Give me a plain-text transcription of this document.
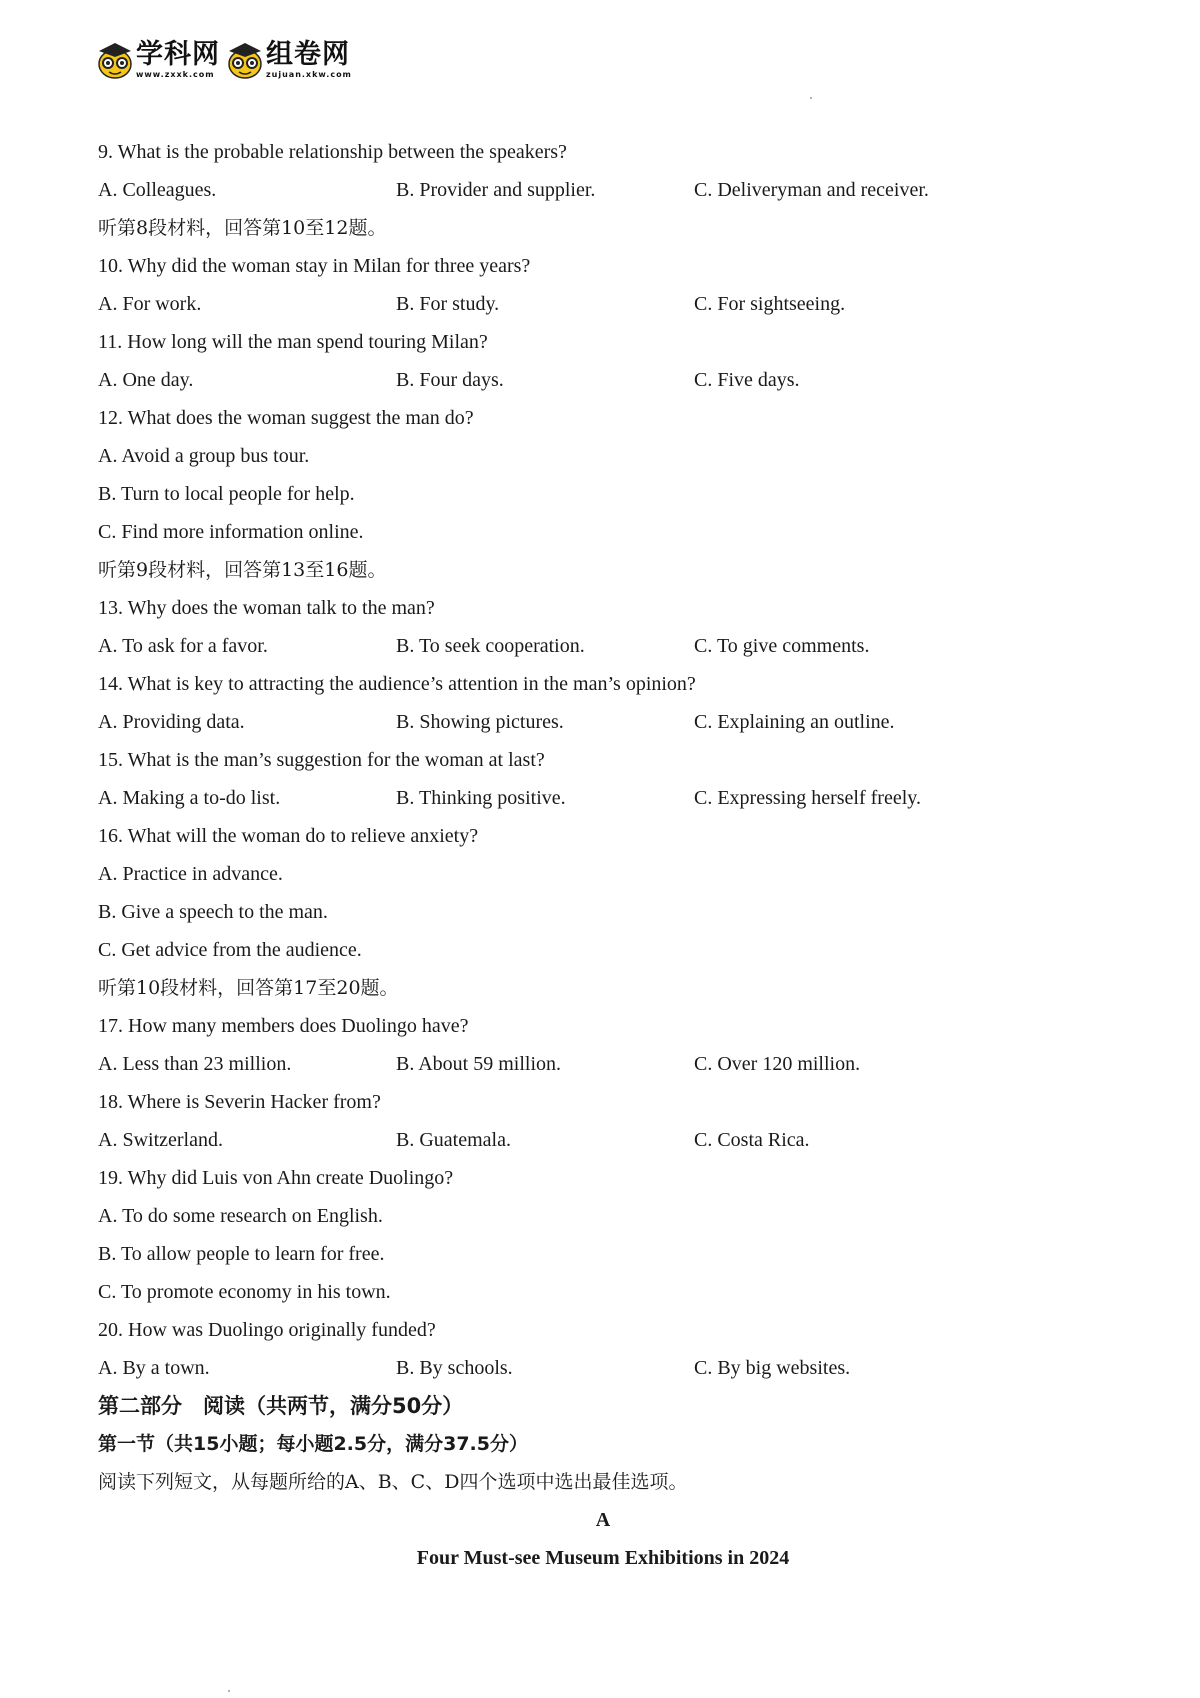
学科网
www.zxxk.com
组卷网
zujuan.xkw.com
9. What is the probable relationship between the speakers?
A. Colleagues.	B. Provider and supplier.	C. Deliveryman and receiver.
听第8段材料，回答第10至12题。
10. Why did the woman stay in Milan for three years?
A. For work.	B. For study.	C. For sightseeing.
11. How long will the man spend touring Milan?
A. One day.	B. Four days.	C. Five days.
12. What does the woman suggest the man do?
A. Avoid a group bus tour.
B. Turn to local people for help.
C. Find more information online.
听第9段材料，回答第13至16题。
13. Why does the woman talk to the man?
A. To ask for a favor.	B. To seek cooperation.	C. To give comments.
14. What is key to attracting the audience’s attention in the man’s opinion?
A. Providing data.	B. Showing pictures.	C. Explaining an outline.
15. What is the man’s suggestion for the woman at last?
A. Making a to-do list.	B. Thinking positive.	C. Expressing herself freely.
16. What will the woman do to relieve anxiety?
A. Practice in advance.
B. Give a speech to the man.
C. Get advice from the audience.
听第10段材料，回答第17至20题。
17. How many members does Duolingo have?
A. Less than 23 million.	B. About 59 million.	C. Over 120 million.
18. Where is Severin Hacker from?
A. Switzerland.	B. Guatemala.	C. Costa Rica.
19. Why did Luis von Ahn create Duolingo?
A. To do some research on English.
B. To allow people to learn for free.
C. To promote economy in his town.
20. How was Duolingo originally funded?
A. By a town.	B. By schools.	C. By big websites.
第二部分　阅读（共两节，满分50分）
第一节（共15小题；每小题2.5分，满分37.5分）
阅读下列短文，从每题所给的A、B、C、D四个选项中选出最佳选项。
A
Four Must-see Museum Exhibitions in 2024
